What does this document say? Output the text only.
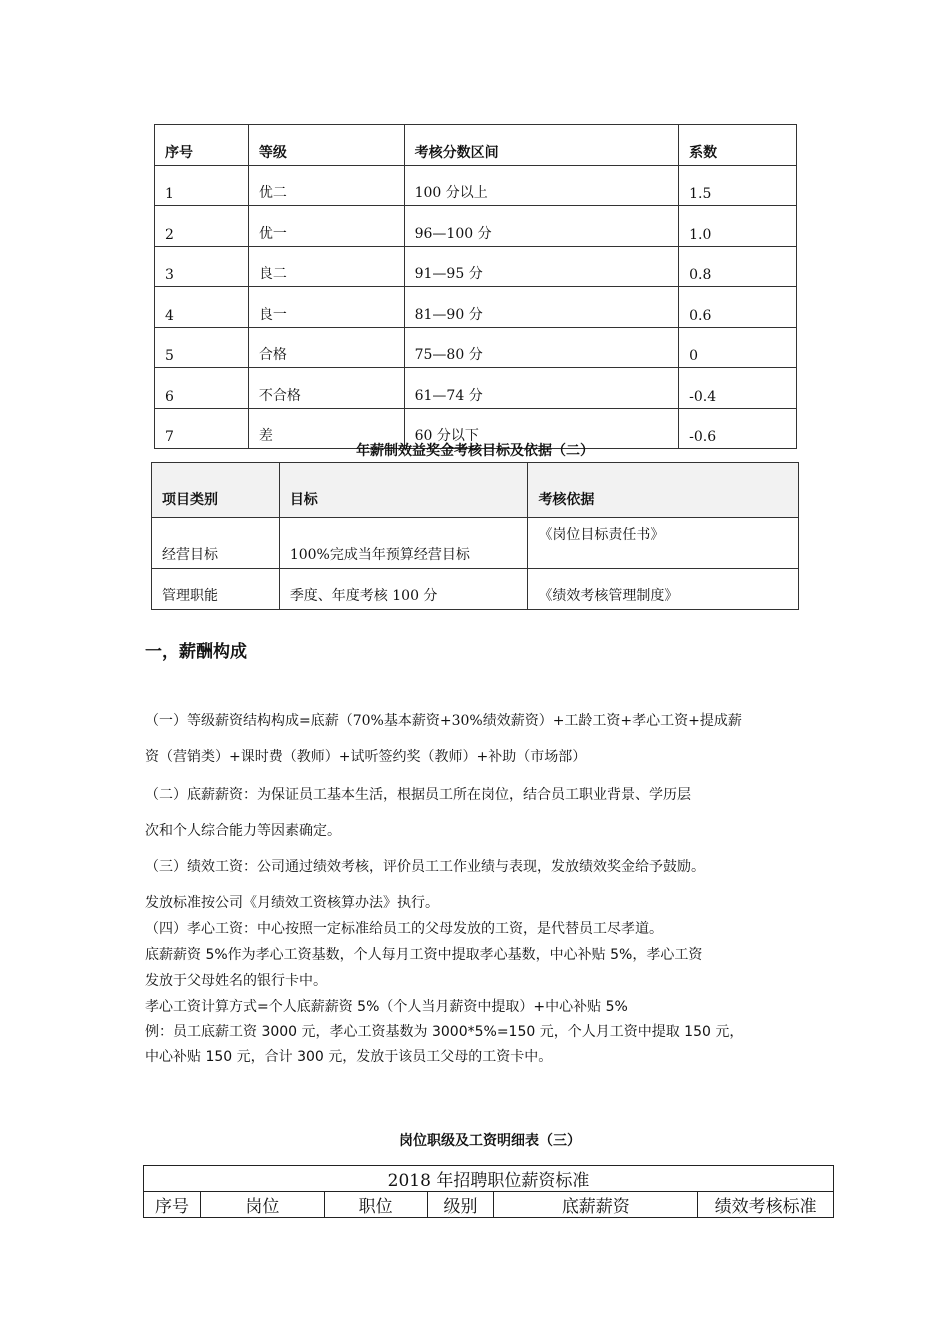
序号	等级	考核分数区间	系数
1	优二	100 分以上	1.5
2	优一	96—100 分	1.0
3	良二	91—95 分	0.8
4	良一	81—90 分	0.6
5	合格	75—80 分	0
6	不合格	61—74 分	-0.4
7	差	60 分以下	-0.6
年薪制效益奖金考核目标及依据（二）
项目类别	目标	考核依据
经营目标	100%完成当年预算经营目标	《岗位目标责任书》
管理职能	季度、年度考核 100 分	《绩效考核管理制度》
一，薪酬构成
（一）等级薪资结构构成=底薪（70%基本薪资+30%绩效薪资）+工龄工资+孝心工资+提成薪
资（营销类）+课时费（教师）+试听签约奖（教师）+补助（市场部）
（二）底薪薪资：为保证员工基本生活，根据员工所在岗位，结合员工职业背景、学历层
次和个人综合能力等因素确定。
（三）绩效工资：公司通过绩效考核，评价员工工作业绩与表现，发放绩效奖金给予鼓励。
发放标准按公司《月绩效工资核算办法》执行。
（四）孝心工资：中心按照一定标准给员工的父母发放的工资，是代替员工尽孝道。
底薪薪资 5%作为孝心工资基数，个人每月工资中提取孝心基数，中心补贴 5%，孝心工资
发放于父母姓名的银行卡中。
孝心工资计算方式=个人底薪薪资 5%（个人当月薪资中提取）+中心补贴 5%
例：员工底薪工资 3000 元，孝心工资基数为 3000*5%=150 元，个人月工资中提取 150 元，
中心补贴 150 元，合计 300 元，发放于该员工父母的工资卡中。
岗位职级及工资明细表（三）
2018 年招聘职位薪资标准
序号	岗位	职位	级别	底薪薪资	绩效考核标准
